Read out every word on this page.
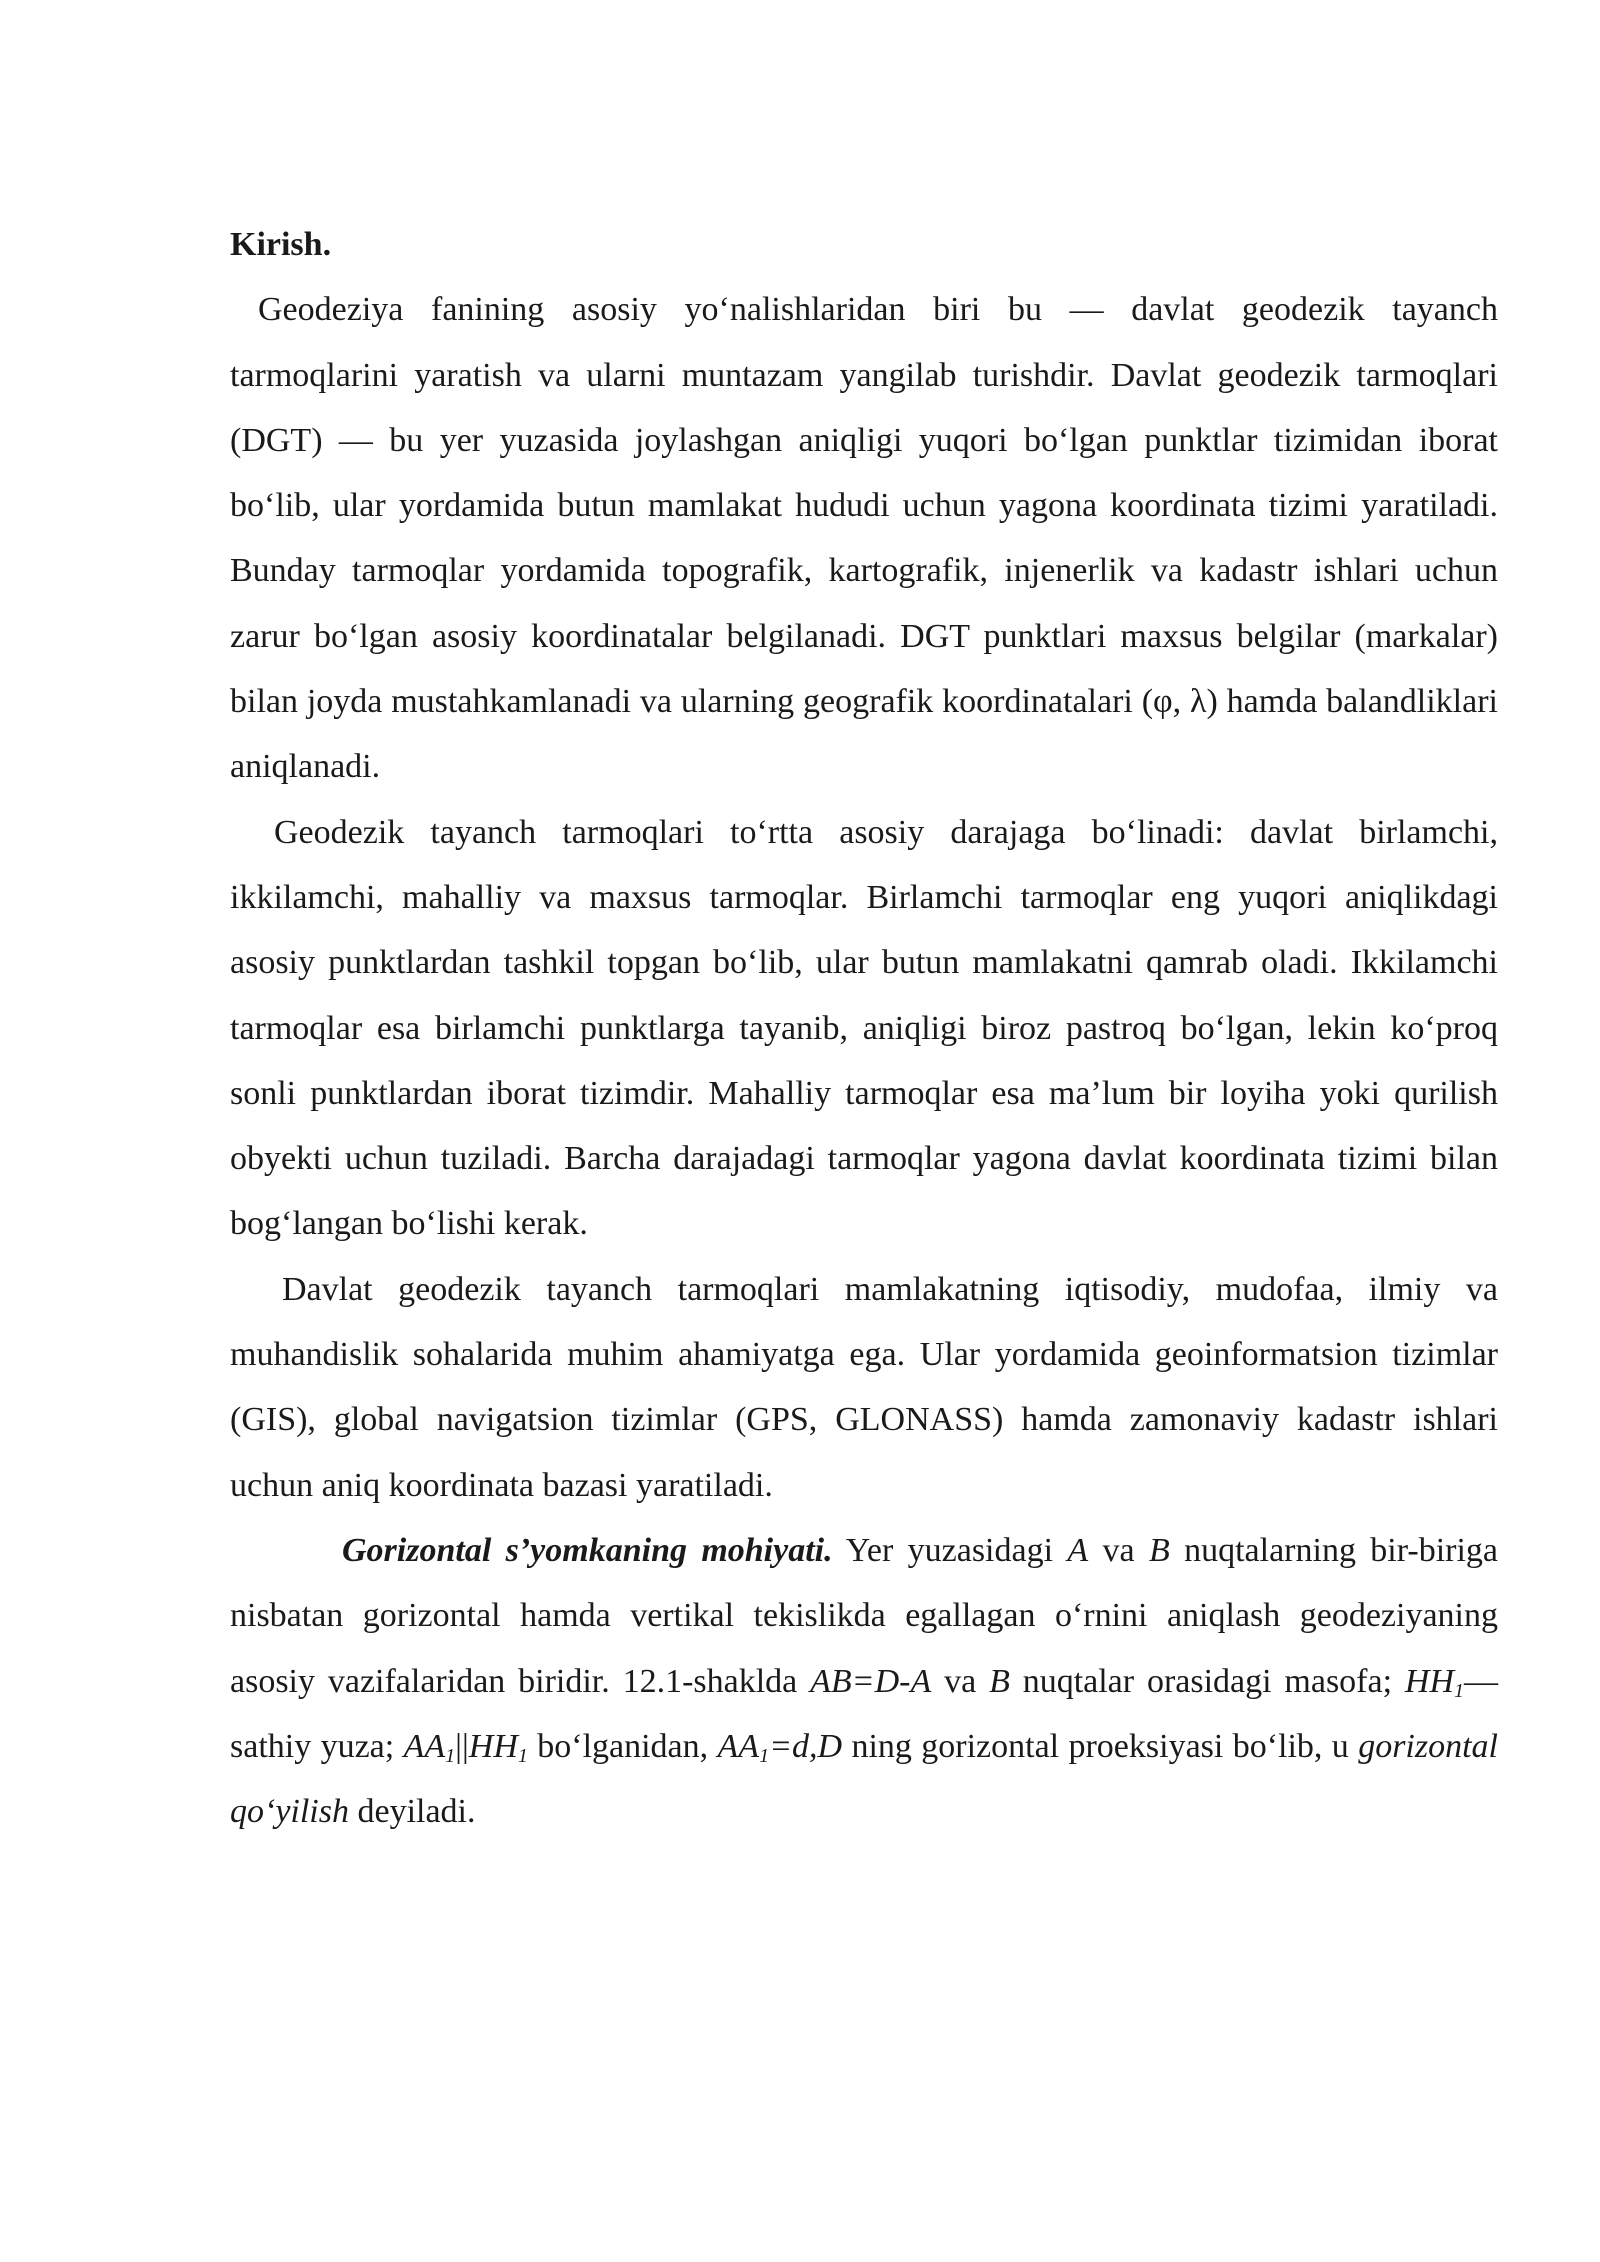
Kirish.

Geodeziya fanining asosiy yo‘nalishlaridan biri bu — davlat geodezik tayanch tarmoqlarini yaratish va ularni muntazam yangilab turishdir. Davlat geodezik tarmoqlari (DGT) — bu yer yuzasida joylashgan aniqligi yuqori bo‘lgan punktlar tizimidan iborat bo‘lib, ular yordamida butun mamlakat hududi uchun yagona koordinata tizimi yaratiladi. Bunday tarmoqlar yordamida topografik, kartografik, injenerlik va kadastr ishlari uchun zarur bo‘lgan asosiy koordinatalar belgilanadi. DGT punktlari maxsus belgilar (markalar) bilan joyda mustahkamlanadi va ularning geografik koordinatalari (φ, λ) hamda balandliklari aniqlanadi.

Geodezik tayanch tarmoqlari to‘rtta asosiy darajaga bo‘linadi: davlat birlamchi, ikkilamchi, mahalliy va maxsus tarmoqlar. Birlamchi tarmoqlar eng yuqori aniqlikdagi asosiy punktlardan tashkil topgan bo‘lib, ular butun mamlakatni qamrab oladi. Ikkilamchi tarmoqlar esa birlamchi punktlarga tayanib, aniqligi biroz pastroq bo‘lgan, lekin ko‘proq sonli punktlardan iborat tizimdir. Mahalliy tarmoqlar esa ma’lum bir loyiha yoki qurilish obyekti uchun tuziladi. Barcha darajadagi tarmoqlar yagona davlat koordinata tizimi bilan bog‘langan bo‘lishi kerak.

Davlat geodezik tayanch tarmoqlari mamlakatning iqtisodiy, mudofaa, ilmiy va muhandislik sohalarida muhim ahamiyatga ega. Ular yordamida geoinformatsion tizimlar (GIS), global navigatsion tizimlar (GPS, GLONASS) hamda zamonaviy kadastr ishlari uchun aniq koordinata bazasi yaratiladi.

Gorizontal s’yomkaning mohiyati. Yer yuzasidagi A va B nuqtalarning bir-biriga nisbatan gorizontal hamda vertikal tekislikda egallagan o‘rnini aniqlash geodeziyaning asosiy vazifalaridan biridir. 12.1-shaklda AB=D-A va B nuqtalar orasidagi masofa; $HH_1—sathiy$ yuza; $AA_1||HH_1$ bo‘lganidan, $AA_1=d,D$ ning gorizontal proeksiyasi bo‘lib, u gorizontal qo‘yilish deyiladi.
